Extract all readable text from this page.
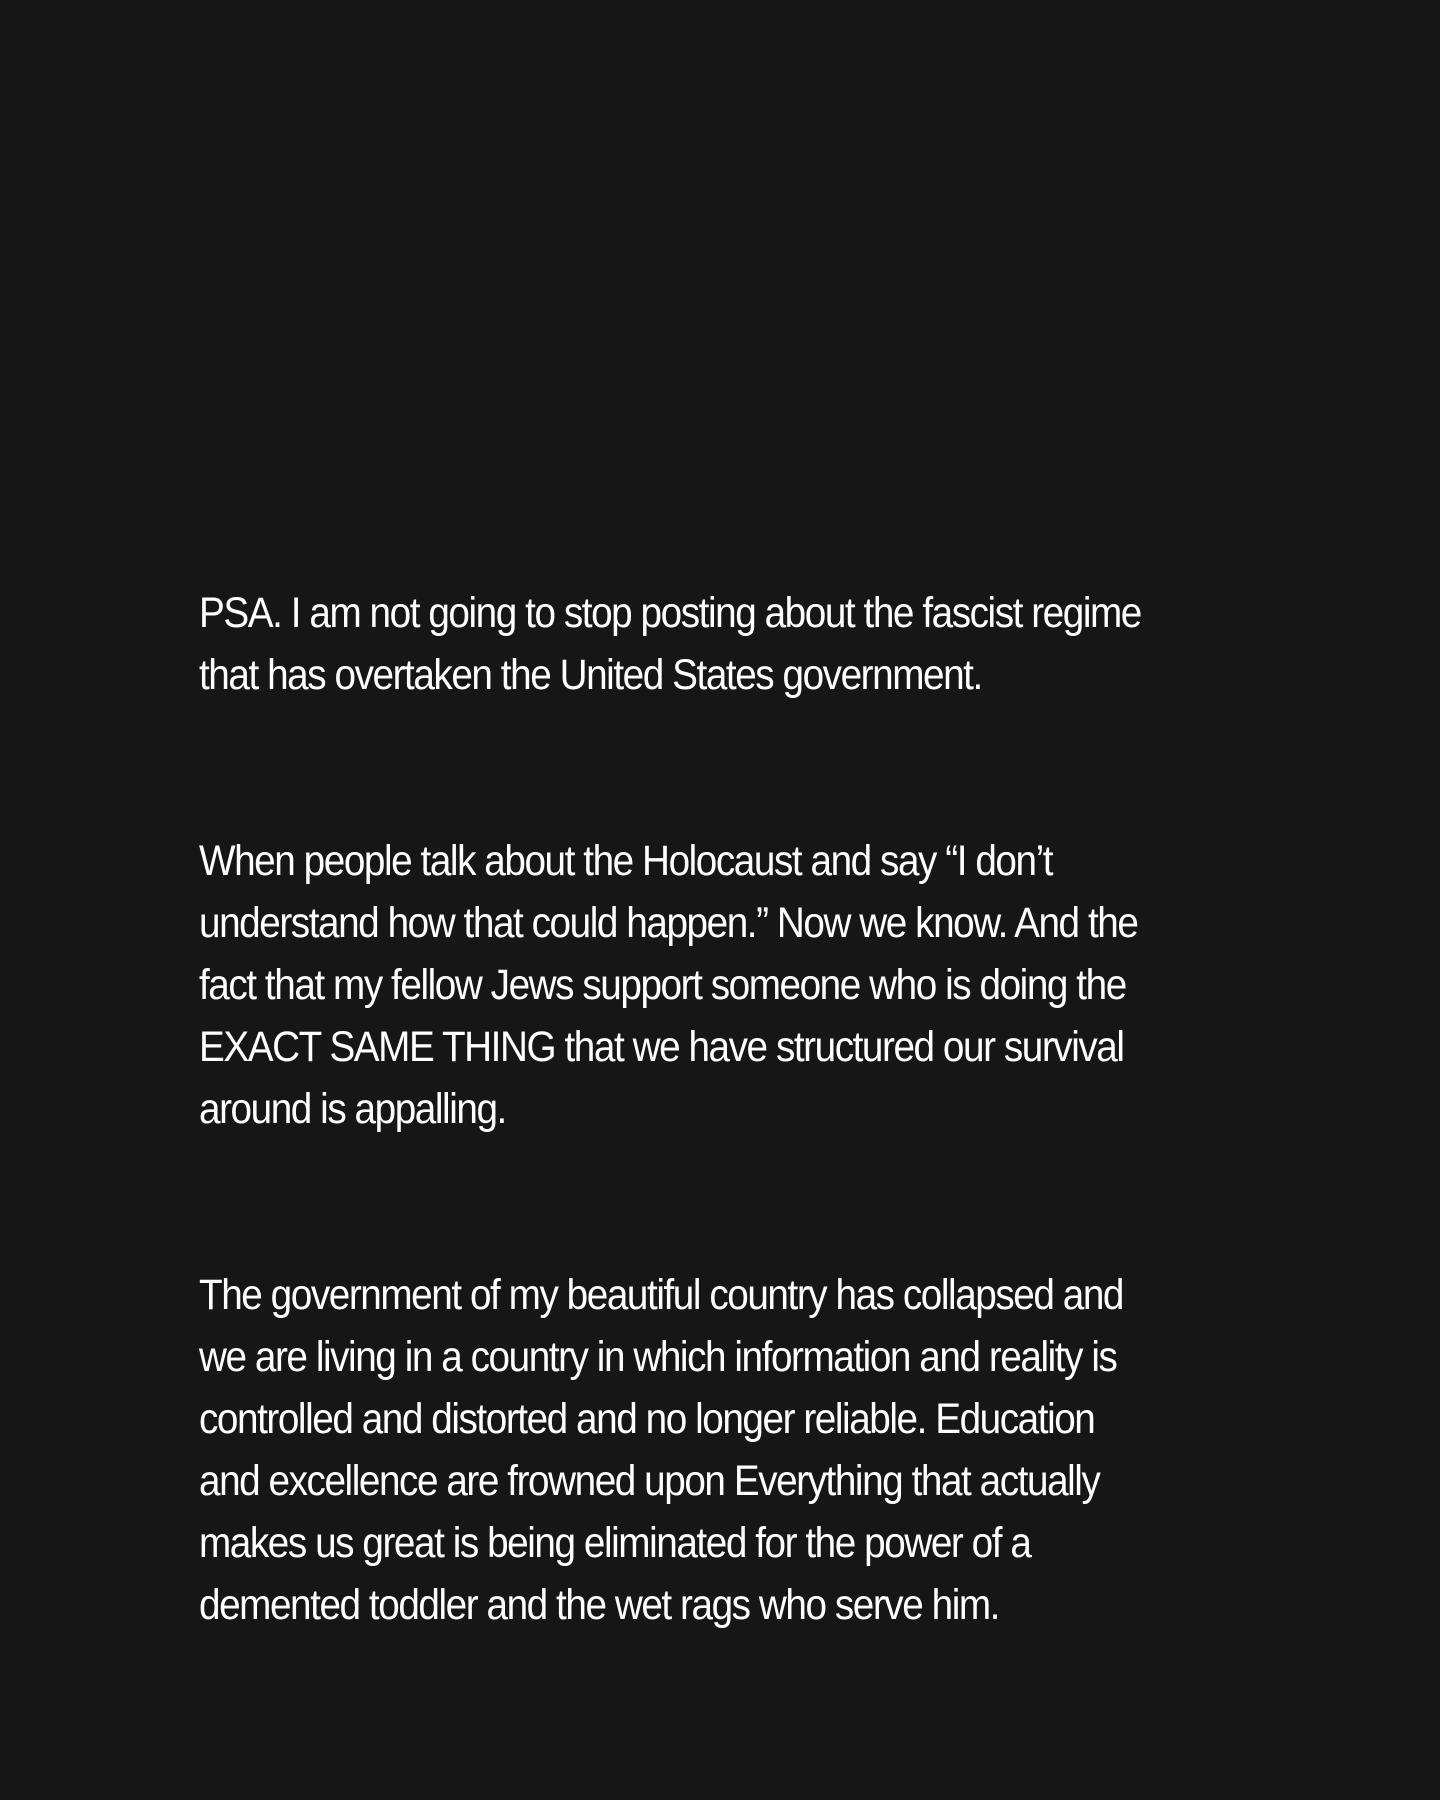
PSA. I am not going to stop posting about the fascist regime
that has overtaken the United States government.

When people talk about the Holocaust and say “I don’t
understand how that could happen.” Now we know. And the
fact that my fellow Jews support someone who is doing the
EXACT SAME THING that we have structured our survival
around is appalling.

The government of my beautiful country has collapsed and
we are living in a country in which information and reality is
controlled and distorted and no longer reliable. Education
and excellence are frowned upon Everything that actually
makes us great is being eliminated for the power of a
demented toddler and the wet rags who serve him.
